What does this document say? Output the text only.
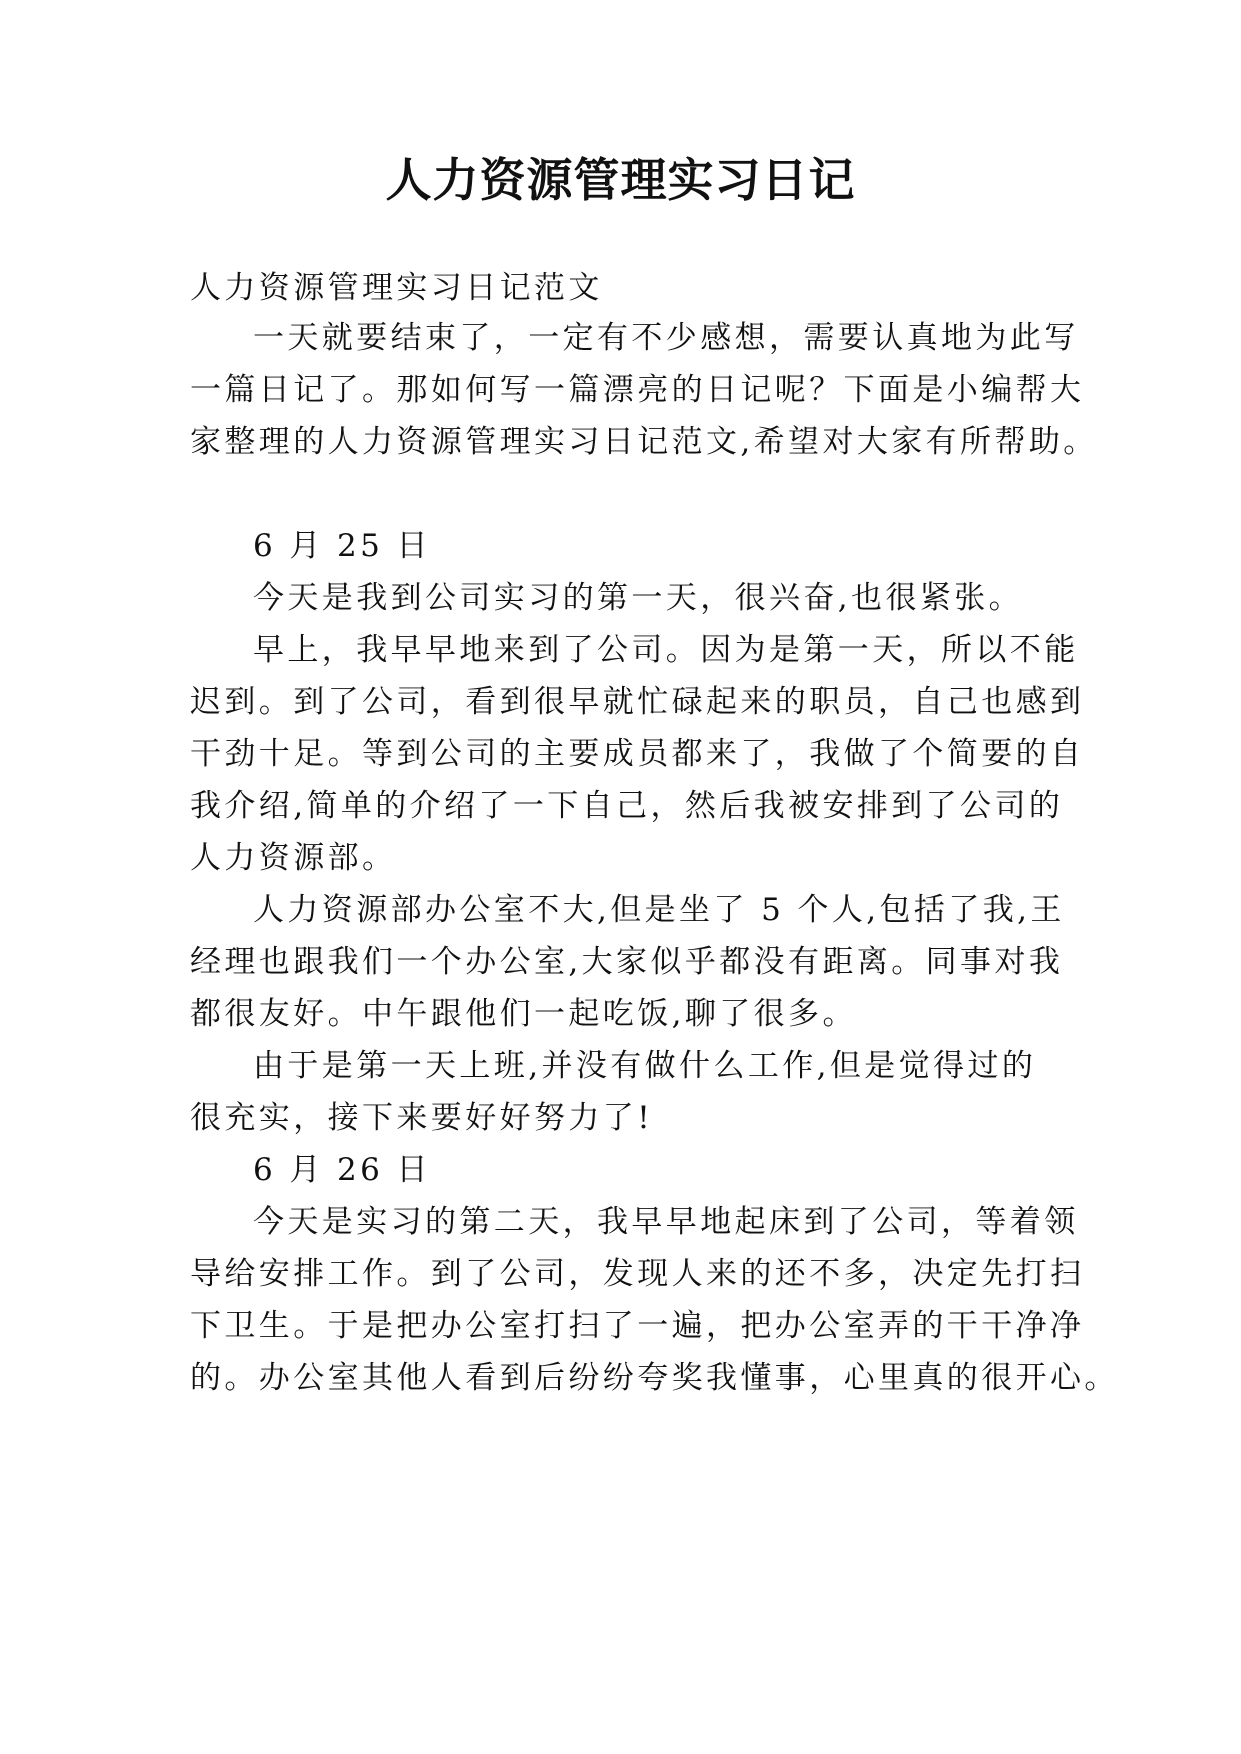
人力资源管理实习日记
人力资源管理实习日记范文
一天就要结束了，一定有不少感想，需要认真地为此写
一篇日记了。那如何写一篇漂亮的日记呢？下面是小编帮大
家整理的人力资源管理实习日记范文,希望对大家有所帮助。
6 月 25 日
今天是我到公司实习的第一天，很兴奋,也很紧张。
早上，我早早地来到了公司。因为是第一天，所以不能
迟到。到了公司，看到很早就忙碌起来的职员，自己也感到
干劲十足。等到公司的主要成员都来了，我做了个简要的自
我介绍,简单的介绍了一下自己，然后我被安排到了公司的
人力资源部。
人力资源部办公室不大,但是坐了 5 个人,包括了我,王
经理也跟我们一个办公室,大家似乎都没有距离。同事对我
都很友好。中午跟他们一起吃饭,聊了很多。
由于是第一天上班,并没有做什么工作,但是觉得过的
很充实，接下来要好好努力了!
6 月 26 日
今天是实习的第二天，我早早地起床到了公司，等着领
导给安排工作。到了公司，发现人来的还不多，决定先打扫
下卫生。于是把办公室打扫了一遍，把办公室弄的干干净净
的。办公室其他人看到后纷纷夸奖我懂事，心里真的很开心。
